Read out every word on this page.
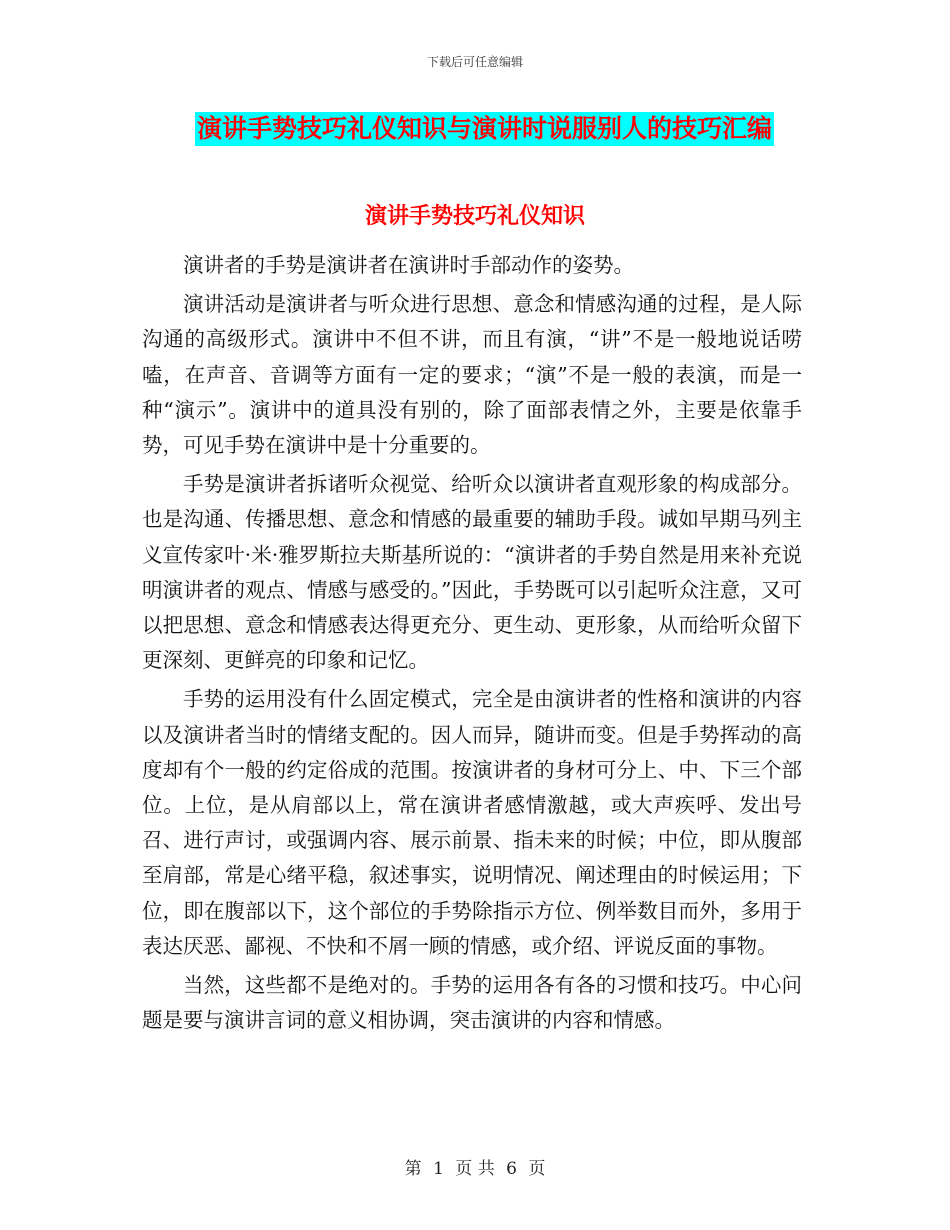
下载后可任意编辑
演讲手势技巧礼仪知识与演讲时说服别人的技巧汇编
演讲手势技巧礼仪知识

演讲者的手势是演讲者在演讲时手部动作的姿势。

演讲活动是演讲者与听众进行思想、意念和情感沟通的过程，是人际沟通的高级形式。演讲中不但不讲，而且有演，“讲”不是一般地说话唠嗑，在声音、音调等方面有一定的要求；“演”不是一般的表演，而是一种“演示”。演讲中的道具没有别的，除了面部表情之外，主要是依靠手势，可见手势在演讲中是十分重要的。

手势是演讲者拆诸听众视觉、给听众以演讲者直观形象的构成部分。也是沟通、传播思想、意念和情感的最重要的辅助手段。诚如早期马列主义宣传家叶·米·雅罗斯拉夫斯基所说的：“演讲者的手势自然是用来补充说明演讲者的观点、情感与感受的。”因此，手势既可以引起听众注意，又可以把思想、意念和情感表达得更充分、更生动、更形象，从而给听众留下更深刻、更鲜亮的印象和记忆。

手势的运用没有什么固定模式，完全是由演讲者的性格和演讲的内容以及演讲者当时的情绪支配的。因人而异，随讲而变。但是手势挥动的高度却有个一般的约定俗成的范围。按演讲者的身材可分上、中、下三个部位。上位，是从肩部以上，常在演讲者感情激越，或大声疾呼、发出号召、进行声讨，或强调内容、展示前景、指未来的时候；中位，即从腹部至肩部，常是心绪平稳，叙述事实，说明情况、阐述理由的时候运用；下位，即在腹部以下，这个部位的手势除指示方位、例举数目而外，多用于表达厌恶、鄙视、不快和不屑一顾的情感，或介绍、评说反面的事物。

当然，这些都不是绝对的。手势的运用各有各的习惯和技巧。中心问题是要与演讲言词的意义相协调，突击演讲的内容和情感。

第 1 页 共 6 页
